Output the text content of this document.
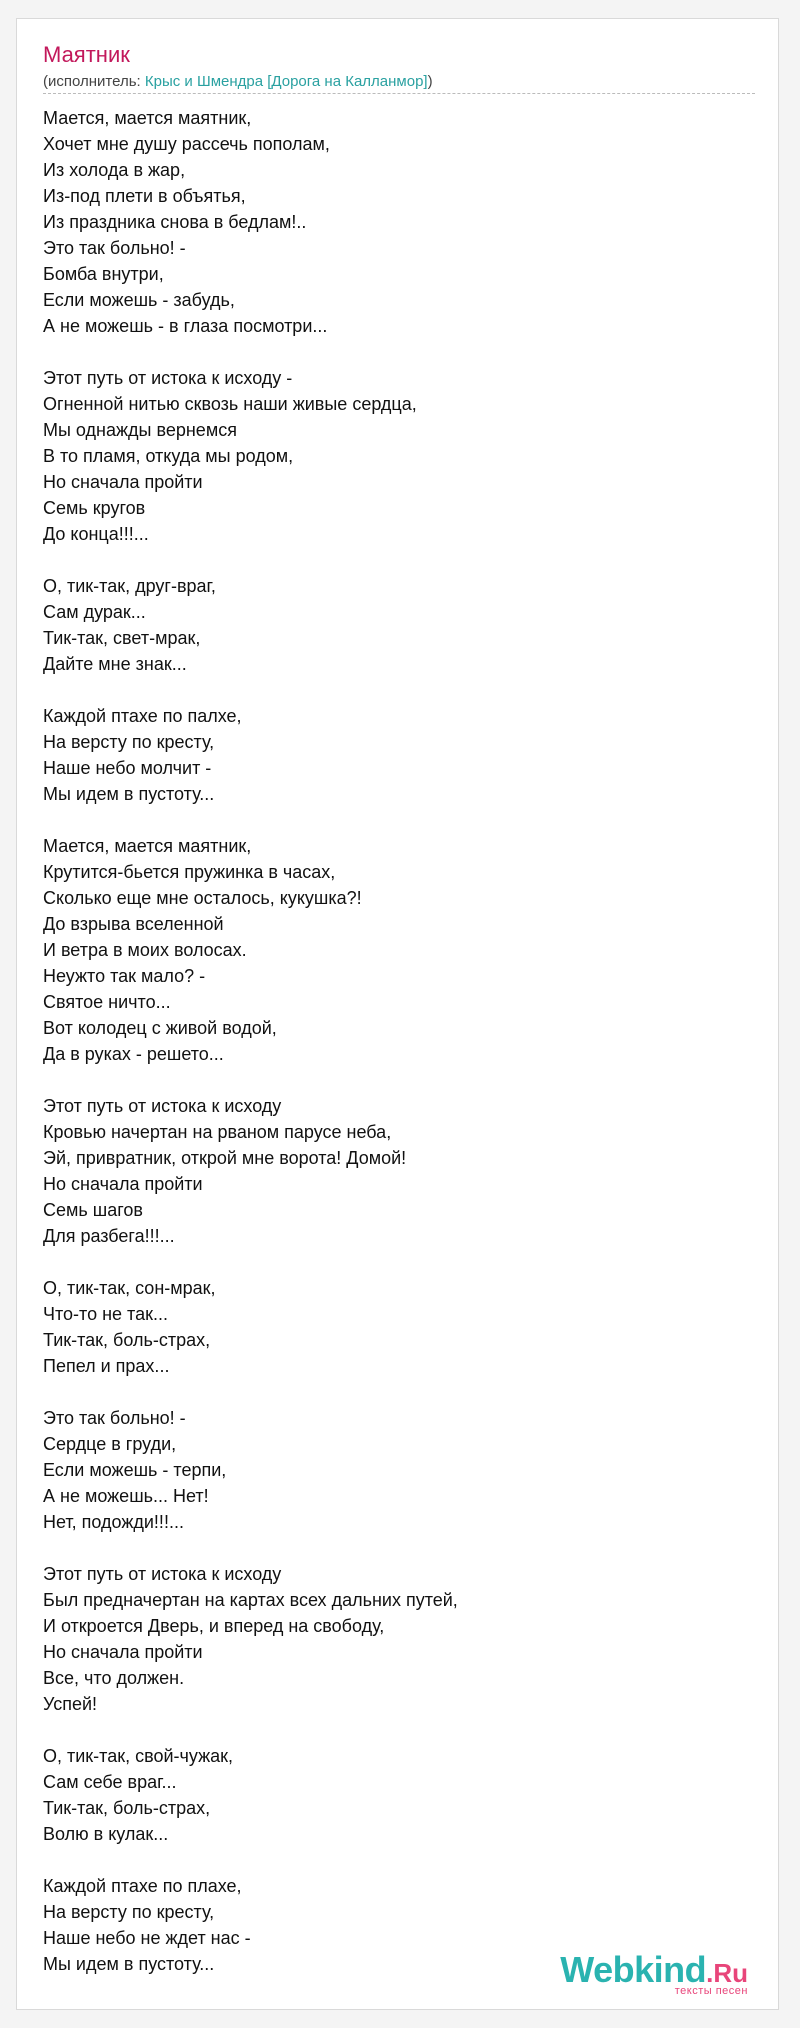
Маятник
(исполнитель: Крыс и Шмендра [Дорога на Калланмор])
Мается, мается маятник,
Хочет мне душу рассечь пополам,
Из холода в жар,
Из-под плети в объятья,
Из праздника снова в бедлам!..
Это так больно! -
Бомба внутри,
Если можешь - забудь,
А не можешь - в глаза посмотри...
Этот путь от истока к исходу -
Огненной нитью сквозь наши живые сердца,
Мы однажды вернемся
В то пламя, откуда мы родом,
Но сначала пройти
Семь кругов
До конца!!!...
О, тик-так, друг-враг,
Сам дурак...
Тик-так, свет-мрак,
Дайте мне знак...
Каждой птахе по палхе,
На версту по кресту,
Наше небо молчит -
Мы идем в пустоту...
Мается, мается маятник,
Крутится-бьется пружинка в часах,
Сколько еще мне осталось, кукушка?!
До взрыва вселенной
И ветра в моих волосах.
Неужто так мало? -
Святое ничто...
Вот колодец с живой водой,
Да в руках - решето...
Этот путь от истока к исходу
Кровью начертан на рваном парусе неба,
Эй, привратник, открой мне ворота! Домой!
Но сначала пройти
Семь шагов
Для разбега!!!...
О, тик-так, сон-мрак,
Что-то не так...
Тик-так, боль-страх,
Пепел и прах...
Это так больно! -
Сердце в груди,
Если можешь - терпи,
А не можешь... Нет!
Нет, подожди!!!...
Этот путь от истока к исходу
Был предначертан на картах всех дальних путей,
И откроется Дверь, и вперед на свободу,
Но сначала пройти
Все, что должен.
Успей!
О, тик-так, свой-чужак,
Сам себе враг...
Тик-так, боль-страх,
Волю в кулак...
Каждой птахе по плахе,
На версту по кресту,
Наше небо не ждет нас -
Мы идем в пустоту...	Webkind.Ru
тексты песен
